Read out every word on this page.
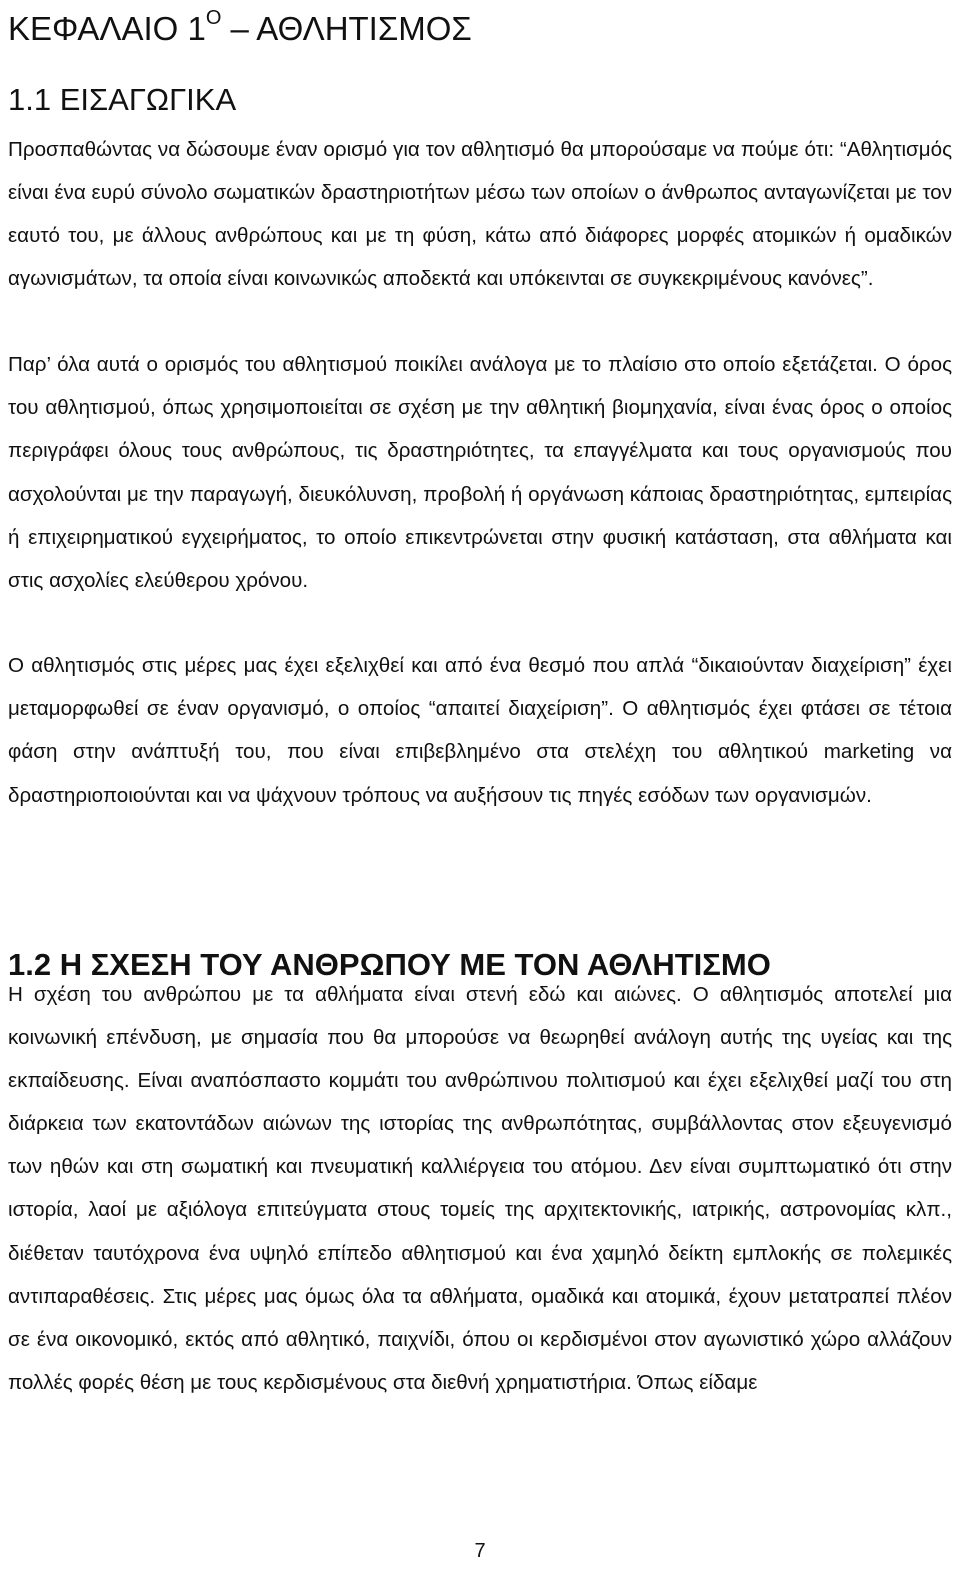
ΚΕΦΑΛΑΙΟ $1^O$ – ΑΘΛΗΤΙΣΜΟΣ
1.1 ΕΙΣΑΓΩΓΙΚΑ

Προσπαθώντας να δώσουμε έναν ορισμό για τον αθλητισμό θα μπορούσαμε να πούμε ότι: “Αθλητισμός είναι ένα ευρύ σύνολο σωματικών δραστηριοτήτων μέσω των οποίων ο άνθρωπος ανταγωνίζεται με τον εαυτό του, με άλλους ανθρώπους και με τη φύση, κάτω από διάφορες μορφές ατομικών ή ομαδικών αγωνισμάτων, τα οποία είναι κοινωνικώς αποδεκτά και υπόκεινται σε συγκεκριμένους κανόνες”.

Παρ’ όλα αυτά ο ορισμός του αθλητισμού ποικίλει ανάλογα με το πλαίσιο στο οποίο εξετάζεται. Ο όρος του αθλητισμού, όπως χρησιμοποιείται σε σχέση με την αθλητική βιομηχανία, είναι ένας όρος ο οποίος περιγράφει όλους τους ανθρώπους, τις δραστηριότητες, τα επαγγέλματα και τους οργανισμούς που ασχολούνται με την παραγωγή, διευκόλυνση, προβολή ή οργάνωση κάποιας δραστηριότητας, εμπειρίας ή επιχειρηματικού εγχειρήματος, το οποίο επικεντρώνεται στην φυσική κατάσταση, στα αθλήματα και στις ασχολίες ελεύθερου χρόνου.

Ο αθλητισμός στις μέρες μας έχει εξελιχθεί και από ένα θεσμό που απλά “δικαιούνταν διαχείριση” έχει μεταμορφωθεί σε έναν οργανισμό, ο οποίος “απαιτεί διαχείριση”. Ο αθλητισμός έχει φτάσει σε τέτοια φάση στην ανάπτυξή του, που είναι επιβεβλημένο στα στελέχη του αθλητικού marketing να δραστηριοποιούνται και να ψάχνουν τρόπους να αυξήσουν τις πηγές εσόδων των οργανισμών.

1.2 Η ΣΧΕΣΗ ΤΟΥ ΑΝΘΡΩΠΟΥ ΜΕ ΤΟΝ ΑΘΛΗΤΙΣΜΟ

Η σχέση του ανθρώπου με τα αθλήματα είναι στενή εδώ και αιώνες. Ο αθλητισμός αποτελεί μια κοινωνική επένδυση, με σημασία που θα μπορούσε να θεωρηθεί ανάλογη αυτής της υγείας και της εκπαίδευσης. Είναι αναπόσπαστο κομμάτι του ανθρώπινου πολιτισμού και έχει εξελιχθεί μαζί του στη διάρκεια των εκατοντάδων αιώνων της ιστορίας της ανθρωπότητας, συμβάλλοντας στον εξευγενισμό των ηθών και στη σωματική και πνευματική καλλιέργεια του ατόμου. Δεν είναι συμπτωματικό ότι στην ιστορία, λαοί με αξιόλογα επιτεύγματα στους τομείς της αρχιτεκτονικής, ιατρικής, αστρονομίας κλπ., διέθεταν ταυτόχρονα ένα υψηλό επίπεδο αθλητισμού και ένα χαμηλό δείκτη εμπλοκής σε πολεμικές αντιπαραθέσεις. Στις μέρες μας όμως όλα τα αθλήματα, ομαδικά και ατομικά, έχουν μετατραπεί πλέον σε ένα οικονομικό, εκτός από αθλητικό, παιχνίδι, όπου οι κερδισμένοι στον αγωνιστικό χώρο αλλάζουν πολλές φορές θέση με τους κερδισμένους στα διεθνή χρηματιστήρια. Όπως είδαμε

7
